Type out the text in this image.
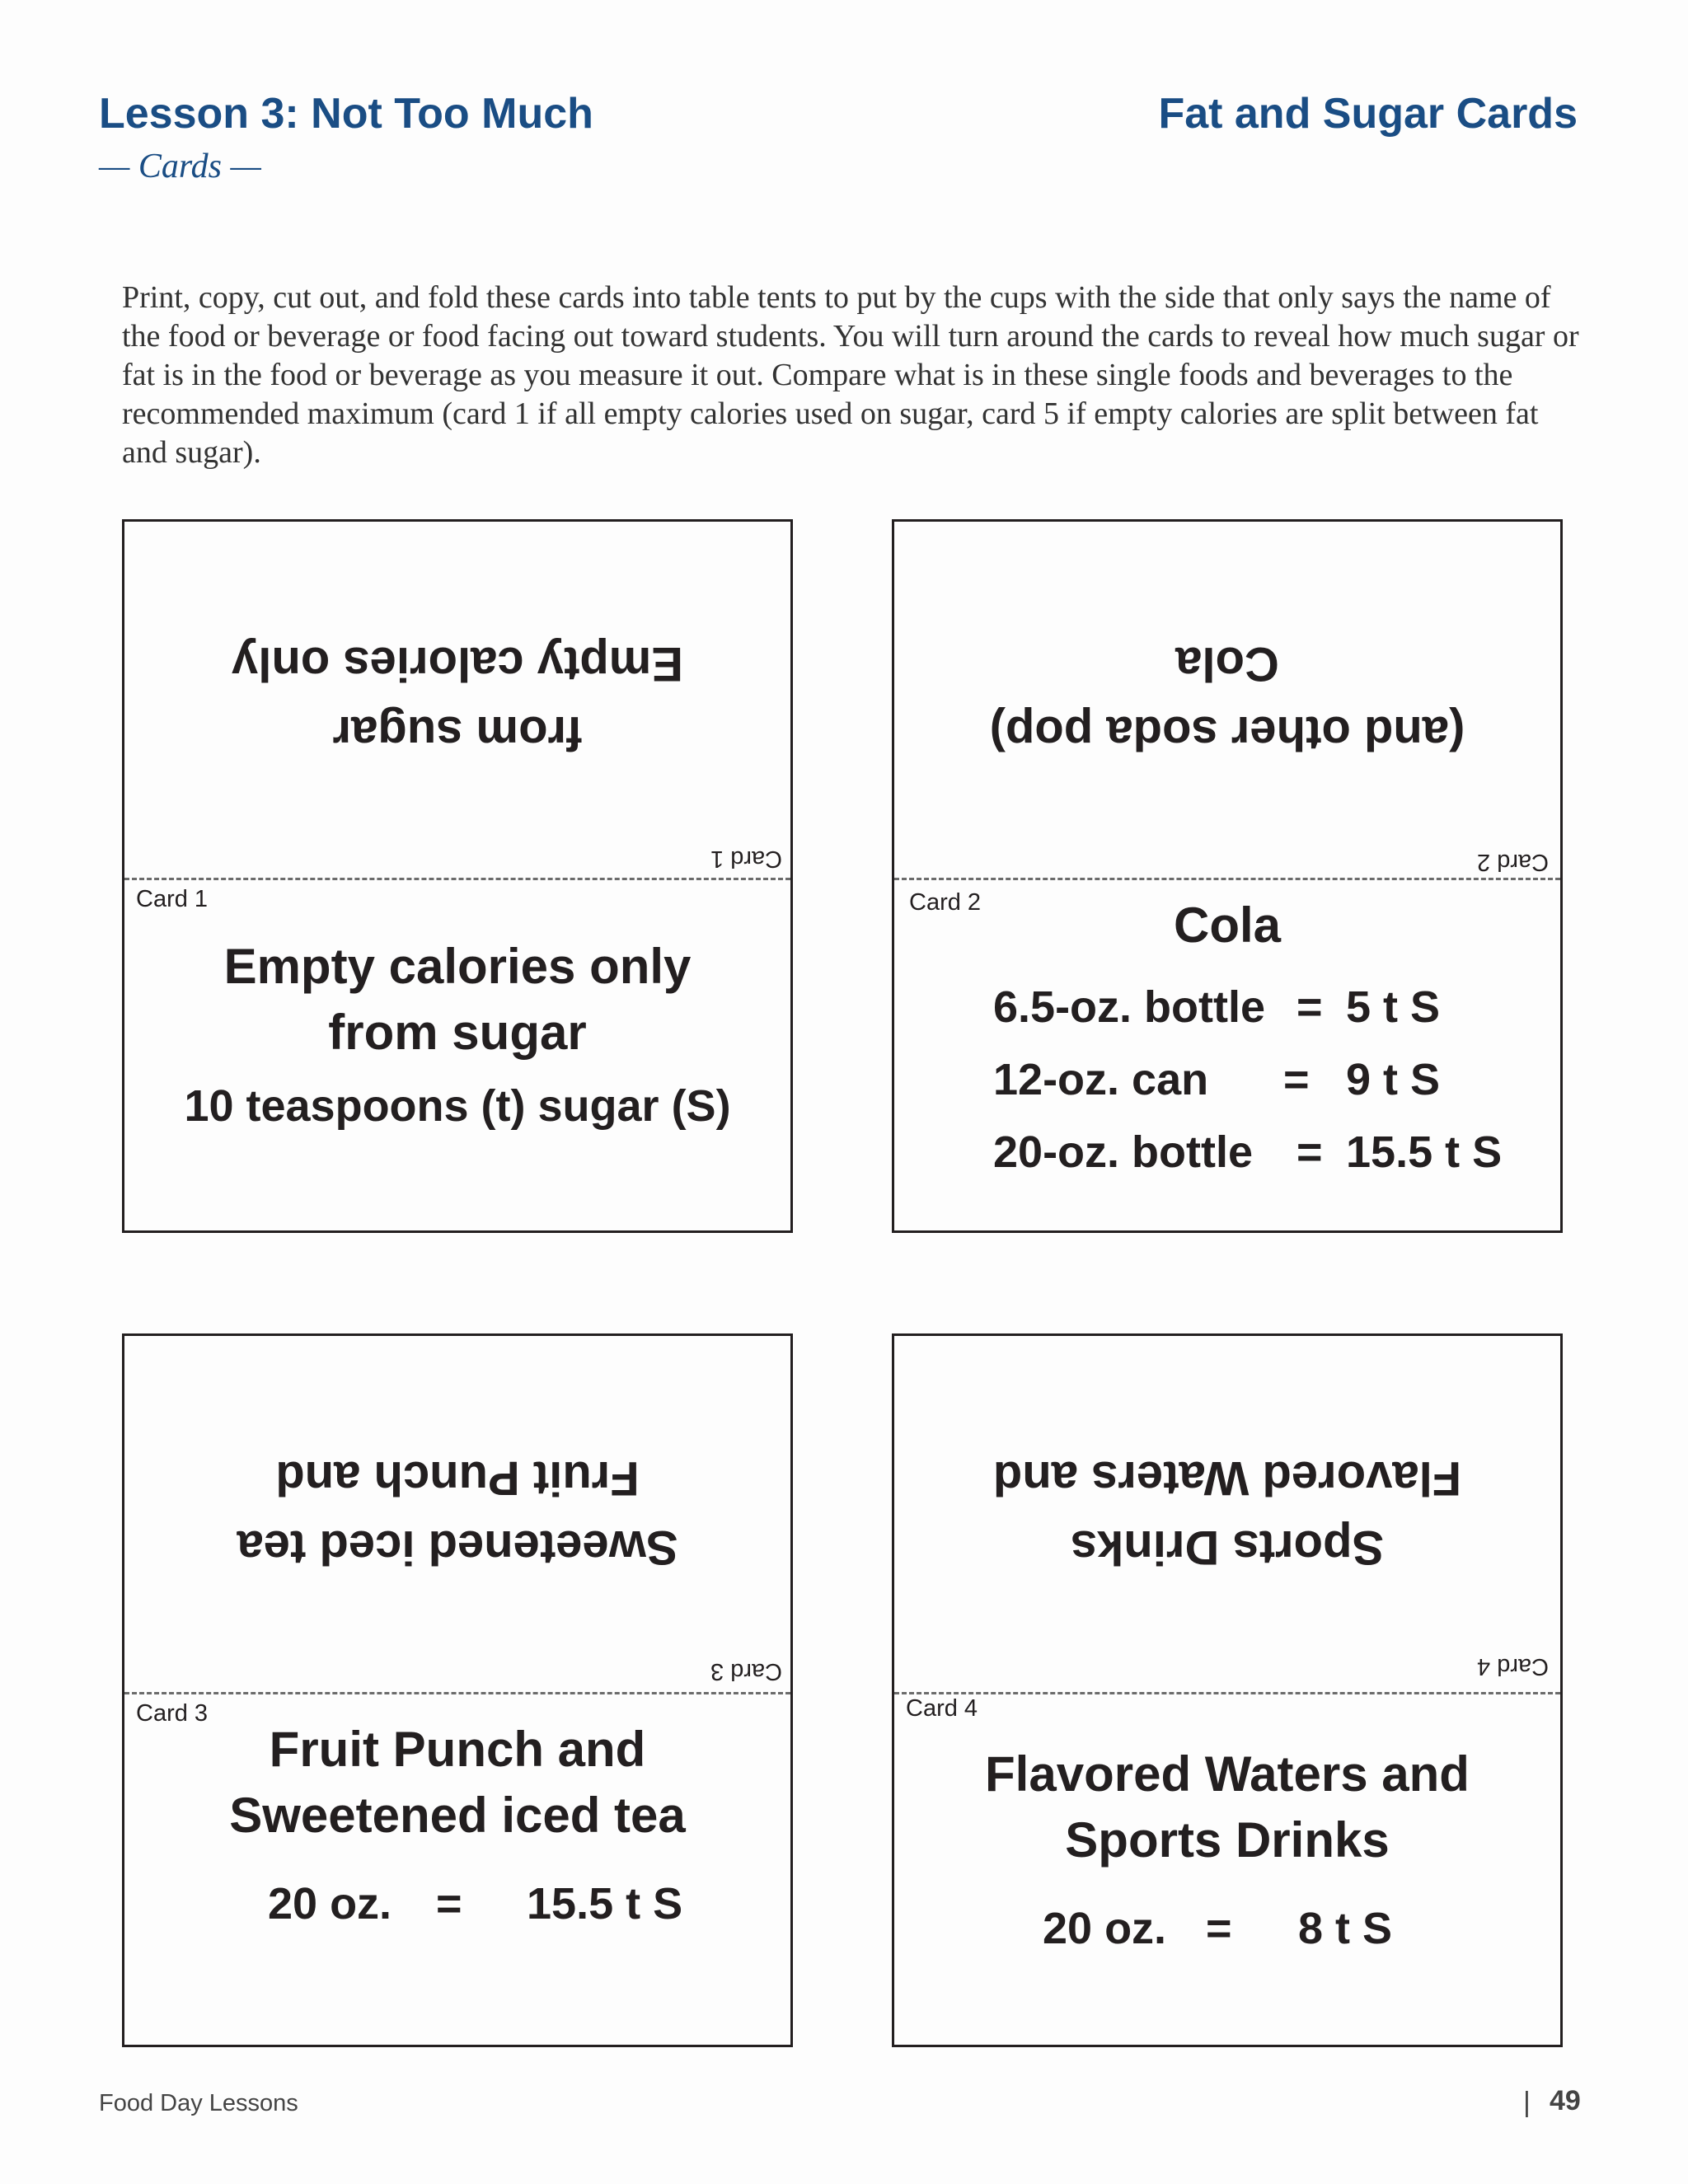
Lesson 3: Not Too Much	Fat and Sugar Cards
— Cards —
Print, copy, cut out, and fold these cards into table tents to put by the cups with the side that only says the name of the food or beverage or food facing out toward students. You will turn around the cards to reveal how much sugar or fat is in the food or beverage as you measure it out. Compare what is in these single foods and beverages to the recommended maximum (card 1 if all empty calories used on sugar, card 5 if empty calories are split between fat and sugar).
from sugar
Empty calories only
Card 1
Card 1
Empty calories only
from sugar
10 teaspoons (t) sugar (S)
(and other soda pop)
Cola
Card 2
Card 2	Cola
6.5-oz. bottle = 5 t S
12-oz. can = 9 t S
20-oz. bottle = 15.5 t S
Sweetened iced tea
Fruit Punch and
Card 3
Card 3
Fruit Punch and
Sweetened iced tea
20 oz. = 15.5 t S
Sports Drinks
Flavored Waters and
Card 4
Card 4
Flavored Waters and
Sports Drinks
20 oz. = 8 t S
Food Day Lessons	| 49
